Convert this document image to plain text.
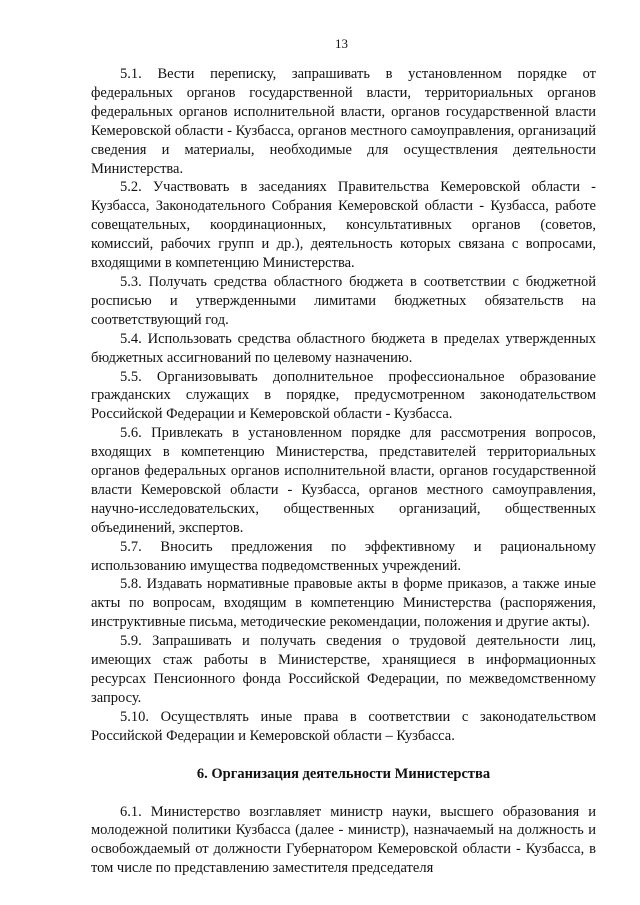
13

5.1. Вести переписку, запрашивать в установленном порядке от федеральных органов государственной власти, территориальных органов федеральных органов исполнительной власти, органов государственной власти Кемеровской области - Кузбасса, органов местного самоуправления, организаций сведения и материалы, необходимые для осуществления деятельности Министерства.

5.2. Участвовать в заседаниях Правительства Кемеровской области - Кузбасса, Законодательного Собрания Кемеровской области - Кузбасса, работе совещательных, координационных, консультативных органов (советов, комиссий, рабочих групп и др.), деятельность которых связана с вопросами, входящими в компетенцию Министерства.

5.3. Получать средства областного бюджета в соответствии с бюджетной росписью и утвержденными лимитами бюджетных обязательств на соответствующий год.

5.4. Использовать средства областного бюджета в пределах утвержденных бюджетных ассигнований по целевому назначению.

5.5. Организовывать дополнительное профессиональное образование гражданских служащих в порядке, предусмотренном законодательством Российской Федерации и Кемеровской области - Кузбасса.

5.6. Привлекать в установленном порядке для рассмотрения вопросов, входящих в компетенцию Министерства, представителей территориальных органов федеральных органов исполнительной власти, органов государственной власти Кемеровской области - Кузбасса, органов местного самоуправления, научно-исследовательских, общественных организаций, общественных объединений, экспертов.

5.7. Вносить предложения по эффективному и рациональному использованию имущества подведомственных учреждений.

5.8. Издавать нормативные правовые акты в форме приказов, а также иные акты по вопросам, входящим в компетенцию Министерства (распоряжения, инструктивные письма, методические рекомендации, положения и другие акты).

5.9. Запрашивать и получать сведения о трудовой деятельности лиц, имеющих стаж работы в Министерстве, хранящиеся в информационных ресурсах Пенсионного фонда Российской Федерации, по межведомственному запросу.

5.10. Осуществлять иные права в соответствии с законодательством Российской Федерации и Кемеровской области – Кузбасса.

6. Организация деятельности Министерства

6.1. Министерство возглавляет министр науки, высшего образования и молодежной политики Кузбасса (далее - министр), назначаемый на должность и освобождаемый от должности Губернатором Кемеровской области - Кузбасса, в том числе по представлению заместителя председателя
